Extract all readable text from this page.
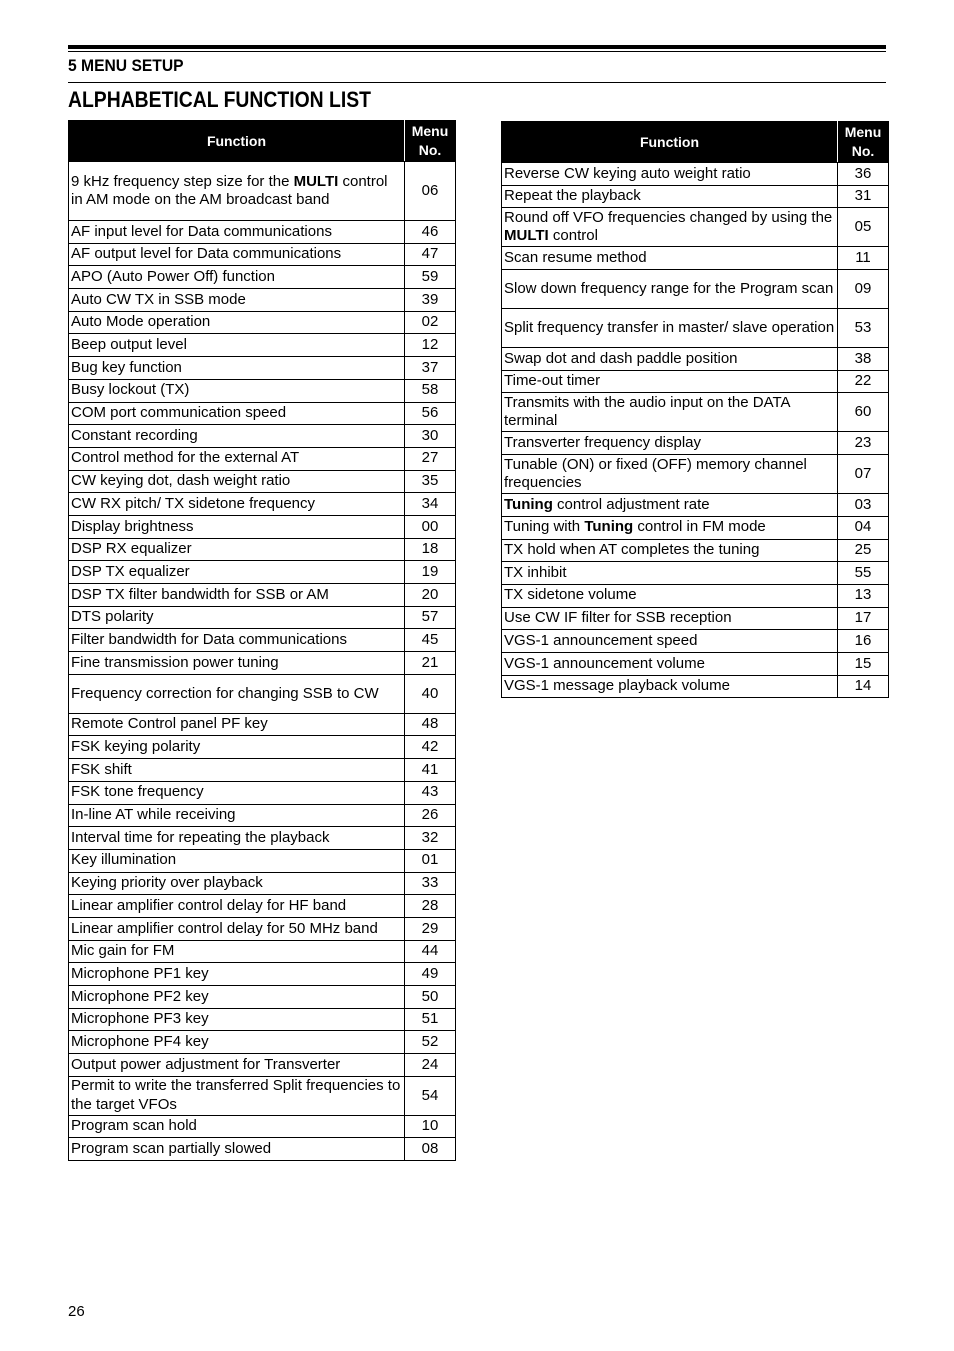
5 MENU SETUP
ALPHABETICAL FUNCTION LIST
Function	Menu
No.
9 kHz frequency step size for the MULTI control in AM mode on the AM broadcast band	06
AF input level for Data communications	46
AF output level for Data communications	47
APO (Auto Power Off) function	59
Auto CW TX in SSB mode	39
Auto Mode operation	02
Beep output level	12
Bug key function	37
Busy lockout (TX)	58
COM port communication speed	56
Constant recording	30
Control method for the external AT	27
CW keying dot, dash weight ratio	35
CW RX pitch/ TX sidetone frequency	34
Display brightness	00
DSP RX equalizer	18
DSP TX equalizer	19
DSP TX filter bandwidth for SSB or AM	20
DTS polarity	57
Filter bandwidth for Data communications	45
Fine transmission power tuning	21
Frequency correction for changing SSB to CW	40
Remote Control panel PF key	48
FSK keying polarity	42
FSK shift	41
FSK tone frequency	43
In-line AT while receiving	26
Interval time for repeating the playback	32
Key illumination	01
Keying priority over playback	33
Linear amplifier control delay for HF band	28
Linear amplifier control delay for 50 MHz band	29
Mic gain for FM	44
Microphone PF1 key	49
Microphone PF2 key	50
Microphone PF3 key	51
Microphone PF4 key	52
Output power adjustment for Transverter	24
Permit to write the transferred Split frequencies to the target VFOs	54
Program scan hold	10
Program scan partially slowed	08
Function	Menu
No.
Reverse CW keying auto weight ratio	36
Repeat the playback	31
Round off VFO frequencies changed by using the MULTI control	05
Scan resume method	11
Slow down frequency range for the Program scan	09
Split frequency transfer in master/ slave operation	53
Swap dot and dash paddle position	38
Time-out timer	22
Transmits with the audio input on the DATA terminal	60
Transverter frequency display	23
Tunable (ON) or fixed (OFF) memory channel frequencies	07
Tuning control adjustment rate	03
Tuning with Tuning control in FM mode	04
TX hold when AT completes the tuning	25
TX inhibit	55
TX sidetone volume	13
Use CW IF filter for SSB reception	17
VGS-1 announcement speed	16
VGS-1 announcement volume	15
VGS-1 message playback volume	14
26
